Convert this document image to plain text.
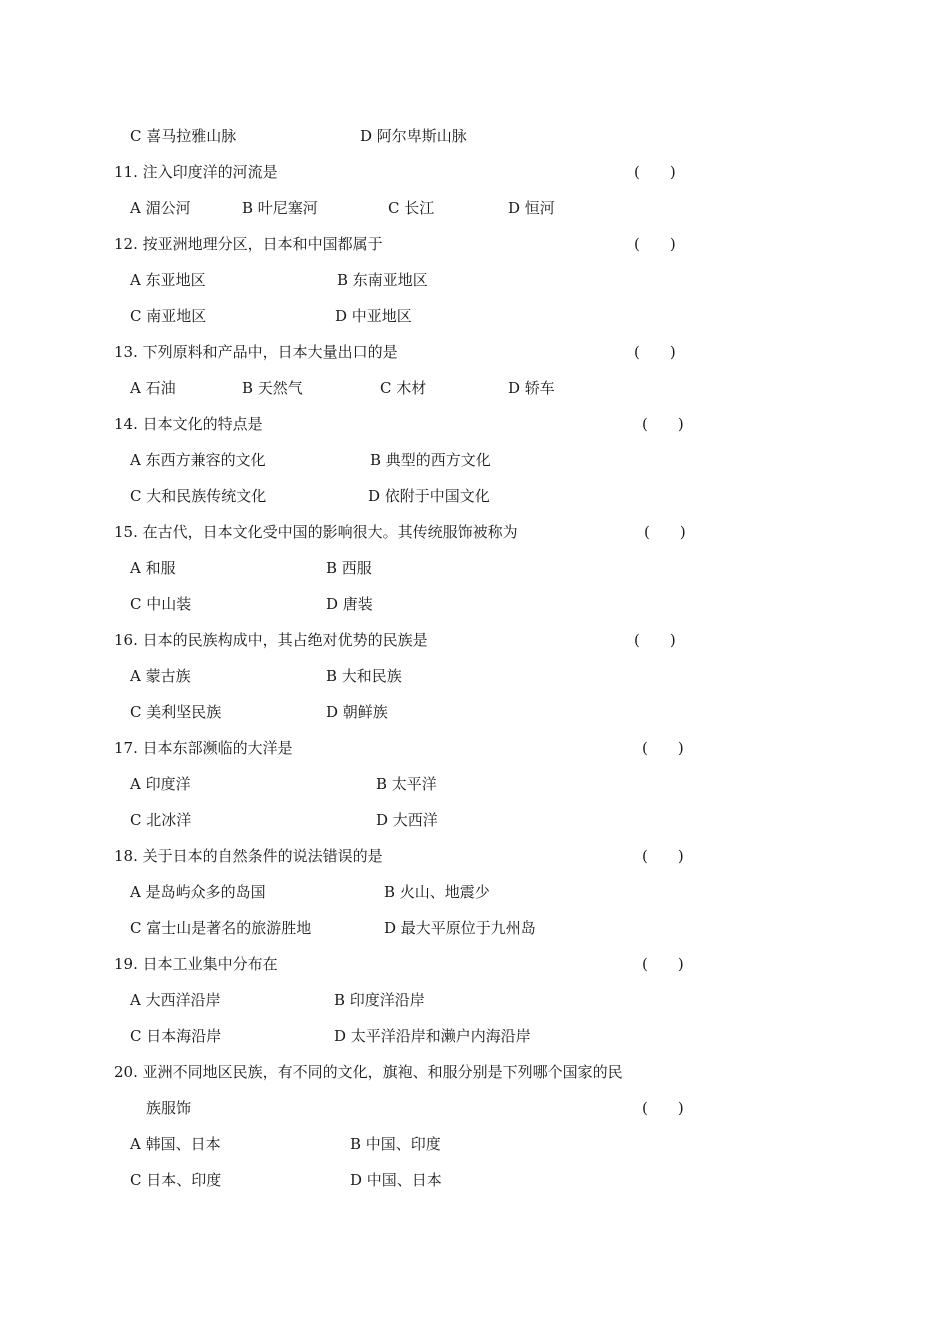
C 喜马拉雅山脉	D 阿尔卑斯山脉
11. 注入印度洋的河流是	(　　)
A 湄公河	B 叶尼塞河	C 长江	D 恒河
12. 按亚洲地理分区，日本和中国都属于	(　　)
A 东亚地区	B 东南亚地区
C 南亚地区	D 中亚地区
13. 下列原料和产品中，日本大量出口的是	(　　)
A 石油	B 天然气	C 木材	D 轿车
14. 日本文化的特点是	(　　)
A 东西方兼容的文化	B 典型的西方文化
C 大和民族传统文化	D 依附于中国文化
15. 在古代，日本文化受中国的影响很大。其传统服饰被称为	(　　)
A 和服	B 西服
C 中山装	D 唐装
16. 日本的民族构成中，其占绝对优势的民族是	(　　)
A 蒙古族	B 大和民族
C 美利坚民族	D 朝鲜族
17. 日本东部濒临的大洋是	(　　)
A 印度洋	B 太平洋
C 北冰洋	D 大西洋
18. 关于日本的自然条件的说法错误的是	(　　)
A 是岛屿众多的岛国	B 火山、地震少
C 富士山是著名的旅游胜地	D 最大平原位于九州岛
19. 日本工业集中分布在	(　　)
A 大西洋沿岸	B 印度洋沿岸
C 日本海沿岸	D 太平洋沿岸和濑户内海沿岸
20. 亚洲不同地区民族，有不同的文化，旗袍、和服分别是下列哪个国家的民
族服饰	(　　)
A 韩国、日本	B 中国、印度
C 日本、印度	D 中国、日本
